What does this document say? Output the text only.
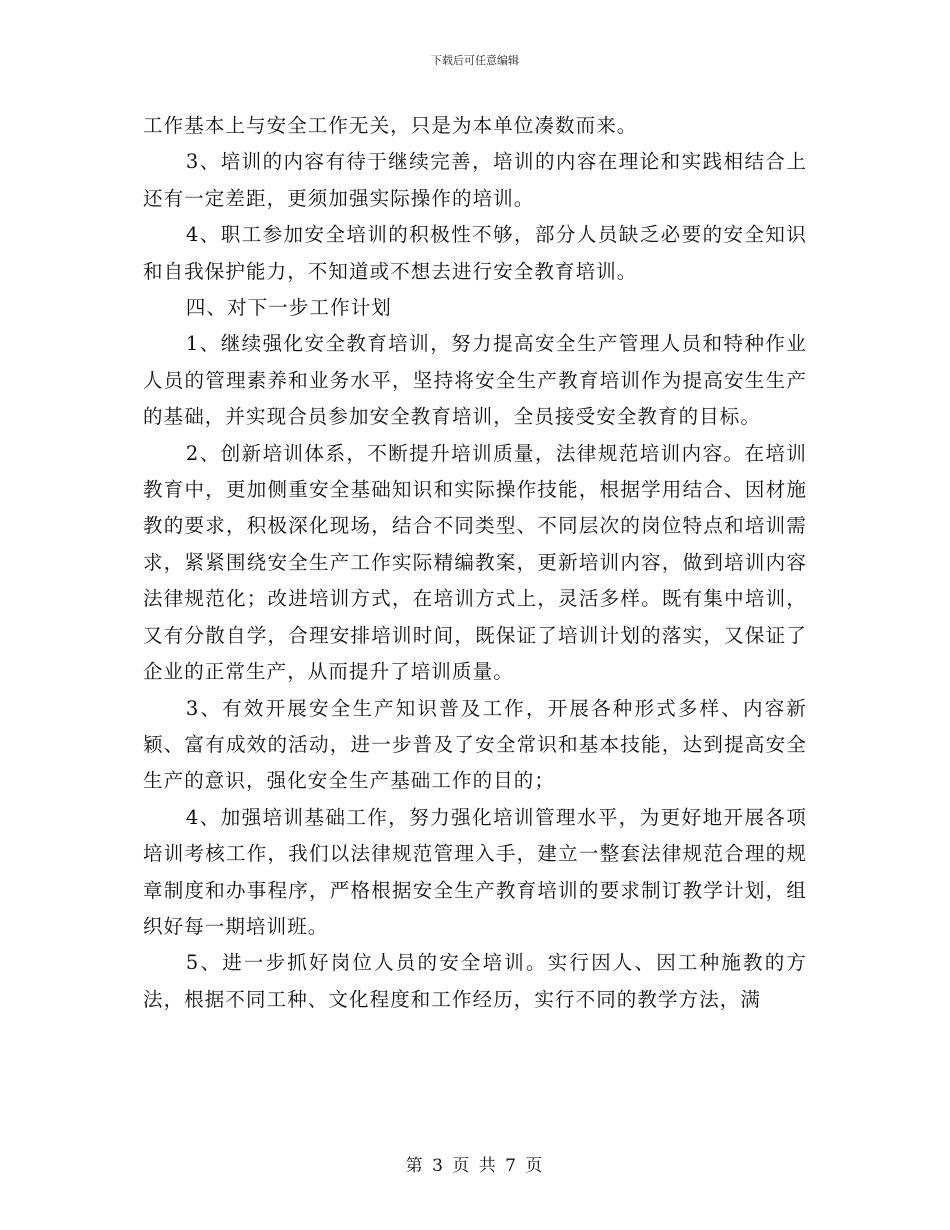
下载后可任意编辑

工作基本上与安全工作无关，只是为本单位凑数而来。

3、培训的内容有待于继续完善，培训的内容在理论和实践相结合上还有一定差距，更须加强实际操作的培训。

4、职工参加安全培训的积极性不够，部分人员缺乏必要的安全知识和自我保护能力，不知道或不想去进行安全教育培训。

四、对下一步工作计划

1、继续强化安全教育培训，努力提高安全生产管理人员和特种作业人员的管理素养和业务水平，坚持将安全生产教育培训作为提高安生生产的基础，并实现合员参加安全教育培训，全员接受安全教育的目标。

2、创新培训体系，不断提升培训质量，法律规范培训内容。在培训教育中，更加侧重安全基础知识和实际操作技能，根据学用结合、因材施教的要求，积极深化现场，结合不同类型、不同层次的岗位特点和培训需求，紧紧围绕安全生产工作实际精编教案，更新培训内容，做到培训内容法律规范化；改进培训方式，在培训方式上，灵活多样。既有集中培训，又有分散自学，合理安排培训时间，既保证了培训计划的落实，又保证了企业的正常生产，从而提升了培训质量。

3、有效开展安全生产知识普及工作，开展各种形式多样、内容新颖、富有成效的活动，进一步普及了安全常识和基本技能，达到提高安全生产的意识，强化安全生产基础工作的目的；

4、加强培训基础工作，努力强化培训管理水平，为更好地开展各项培训考核工作，我们以法律规范管理入手，建立一整套法律规范合理的规章制度和办事程序，严格根据安全生产教育培训的要求制订教学计划，组织好每一期培训班。

5、进一步抓好岗位人员的安全培训。实行因人、因工种施教的方法，根据不同工种、文化程度和工作经历，实行不同的教学方法，满

第 3 页 共 7 页
